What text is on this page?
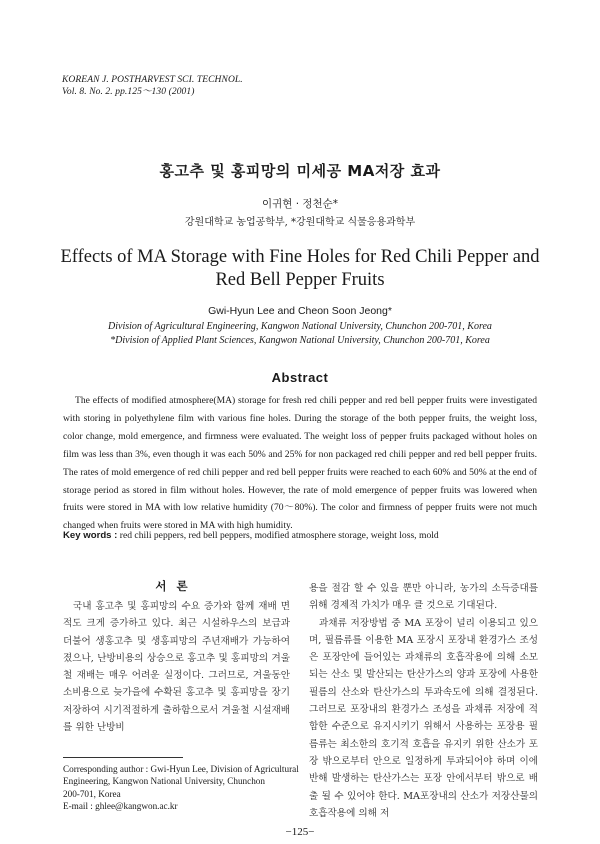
KOREAN J. POSTHARVEST SCI. TECHNOL.
Vol. 8. No. 2. pp.125～130 (2001)
홍고추 및 홍피망의 미세공 MA저장 효과
이귀현 · 정천순*
강원대학교 농업공학부, *강원대학교 식물응용과학부
Effects of MA Storage with Fine Holes for Red Chili Pepper and Red Bell Pepper Fruits
Gwi-Hyun Lee and Cheon Soon Jeong*
Division of Agricultural Engineering, Kangwon National University, Chunchon 200-701, Korea
*Division of Applied Plant Sciences, Kangwon National University, Chunchon 200-701, Korea
Abstract

The effects of modified atmosphere(MA) storage for fresh red chili pepper and red bell pepper fruits were investigated with storing in polyethylene film with various fine holes. During the storage of the both pepper fruits, the weight loss, color change, mold emergence, and firmness were evaluated. The weight loss of pepper fruits packaged without holes on film was less than 3%, even though it was each 50% and 25% for non packaged red chili pepper and red bell pepper fruits. The rates of mold emergence of red chili pepper and red bell pepper fruits were reached to each 60% and 50% at the end of storage period as stored in film without holes. However, the rate of mold emergence of pepper fruits was lowered when fruits were stored in MA with low relative humidity (70～80%). The color and firmness of pepper fruits were not much changed when fruits were stored in MA with high humidity.

Key words : red chili peppers, red bell peppers, modified atmosphere storage, weight loss, mold
서론

국내 홍고추 및 홍피망의 수요 증가와 함께 재배 면적도 크게 증가하고 있다. 최근 시설하우스의 보급과 더불어 생홍고추 및 생홍피망의 주년재배가 가능하여졌으나, 난방비용의 상승으로 홍고추 및 홍피망의 겨울철 재배는 매우 어려운 실정이다. 그러므로, 겨울동안 소비용으로 늦가을에 수확된 홍고추 및 홍피망을 장기 저장하여 시기적절하게 출하함으로서 겨울철 시설재배를 위한 난방비

용을 절감 할 수 있을 뿐만 아니라, 농가의 소득증대를 위해 경제적 가치가 매우 클 것으로 기대된다.

과채류 저장방법 중 MA 포장이 널리 이용되고 있으며, 필름류를 이용한 MA 포장시 포장내 환경가스 조성은 포장안에 들어있는 과채류의 호흡작용에 의해 소모되는 산소 및 발산되는 탄산가스의 양과 포장에 사용한 필름의 산소와 탄산가스의 투과속도에 의해 결정된다. 그러므로 포장내의 환경가스 조성을 과채류 저장에 적합한 수준으로 유지시키기 위해서 사용하는 포장용 필름류는 최소한의 호기적 호흡을 유지키 위한 산소가 포장 밖으로부터 안으로 일정하게 투과되어야 하며 이에 반해 발생하는 탄산가스는 포장 안에서부터 밖으로 배출 될 수 있어야 한다. MA포장내의 산소가 저장산물의 호흡작용에 의해 저

Corresponding author : Gwi-Hyun Lee, Division of Agricultural
Engineering, Kangwon National University, Chunchon
200-701, Korea
E-mail : ghlee@kangwon.ac.kr
−125−
